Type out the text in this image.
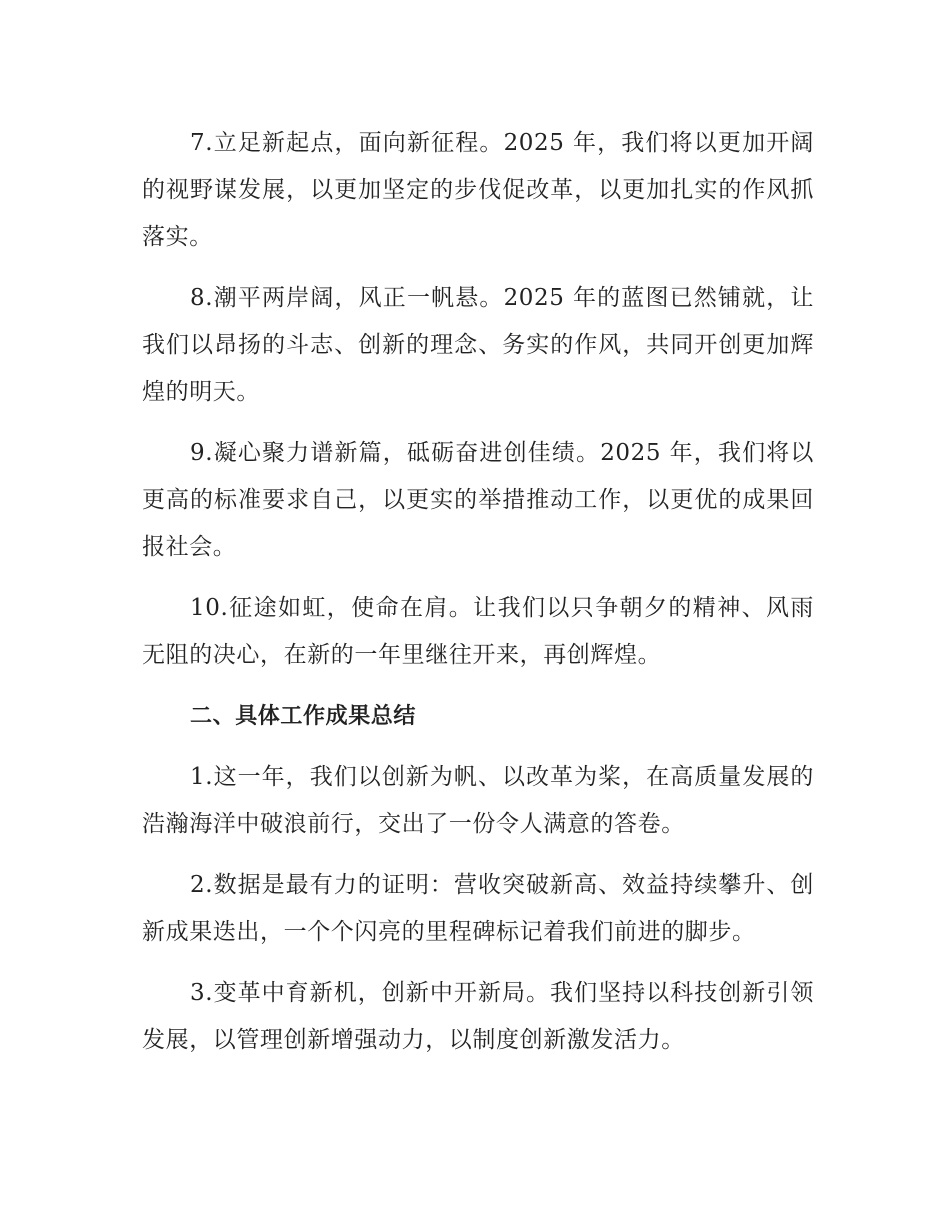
7.立足新起点，面向新征程。2025 年，我们将以更加开阔的视野谋发展，以更加坚定的步伐促改革，以更加扎实的作风抓落实。

8.潮平两岸阔，风正一帆悬。2025 年的蓝图已然铺就，让我们以昂扬的斗志、创新的理念、务实的作风，共同开创更加辉煌的明天。

9.凝心聚力谱新篇，砥砺奋进创佳绩。2025 年，我们将以更高的标准要求自己，以更实的举措推动工作，以更优的成果回报社会。

10.征途如虹，使命在肩。让我们以只争朝夕的精神、风雨无阻的决心，在新的一年里继往开来，再创辉煌。

二、具体工作成果总结

1.这一年，我们以创新为帆、以改革为桨，在高质量发展的浩瀚海洋中破浪前行，交出了一份令人满意的答卷。

2.数据是最有力的证明：营收突破新高、效益持续攀升、创新成果迭出，一个个闪亮的里程碑标记着我们前进的脚步。

3.变革中育新机，创新中开新局。我们坚持以科技创新引领发展，以管理创新增强动力，以制度创新激发活力。
